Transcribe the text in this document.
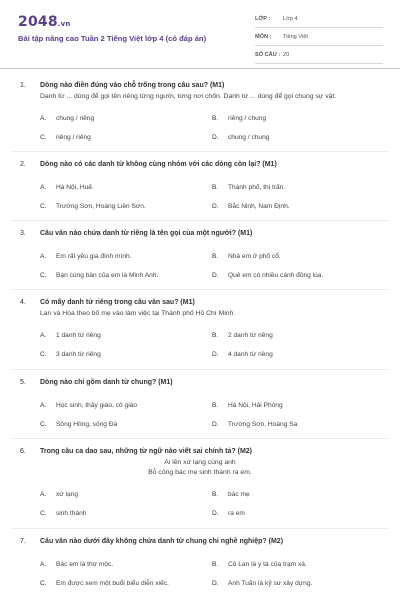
2048.vn
Bài tập nâng cao Tuần 2 Tiếng Việt lớp 4 (có đáp án)
LỚP : Lớp 4
MÔN : Tiếng Việt
SỐ CÂU : 20
1. Dòng nào điền đúng vào chỗ trống trong câu sau? (M1)
Danh từ ... dùng để gọi tên riêng từng người, từng nơi chốn. Danh từ ... dùng để gọi chung sự vật.
A. chung / riêng	B. riêng / chung
C. riêng / riêng	D. chung / chung
2. Dòng nào có các danh từ không cùng nhóm với các dòng còn lại? (M1)
A. Hà Nội, Huế.	B. Thành phố, thị trấn.
C. Trường Sơn, Hoàng Liên Sơn.	D. Bắc Ninh, Nam Định.
3. Câu văn nào chứa danh từ riêng là tên gọi của một người? (M1)
A. Em rất yêu gia đình mình.	B. Nhà em ở phố cổ.
C. Bạn cùng bàn của em là Minh Anh.	D. Quê em có nhiều cánh đồng lúa.
4. Có mấy danh từ riêng trong câu văn sau? (M1)
Lan và Hòa theo bố mẹ vào làm việc tại Thành phố Hồ Chí Minh.
A. 1 danh từ riêng	B. 2 danh từ riêng
C. 3 danh từ riêng	D. 4 danh từ riêng
5. Dòng nào chỉ gồm danh từ chung? (M1)
A. Học sinh, thầy giáo, cô giáo	B. Hà Nội, Hải Phòng
C. Sông Hồng, sông Đà	D. Trường Sơn, Hoàng Sa
6. Trong câu ca dao sau, những từ ngữ nào viết sai chính tả? (M2)
Ai lên xứ lạng cùng anh
Bỗ công bác mẹ sinh thành ra em.
A. xứ lạng	B. bác mẹ
C. sinh thành	D. ra em
7. Câu văn nào dưới đây không chứa danh từ chung chỉ nghề nghiệp? (M2)
A. Bác em là thợ mộc.	B. Cô Lan là y tá của trạm xá.
C. Em được xem một buổi biểu diễn xiếc.	D. Anh Tuấn là kỹ sư xây dựng.
